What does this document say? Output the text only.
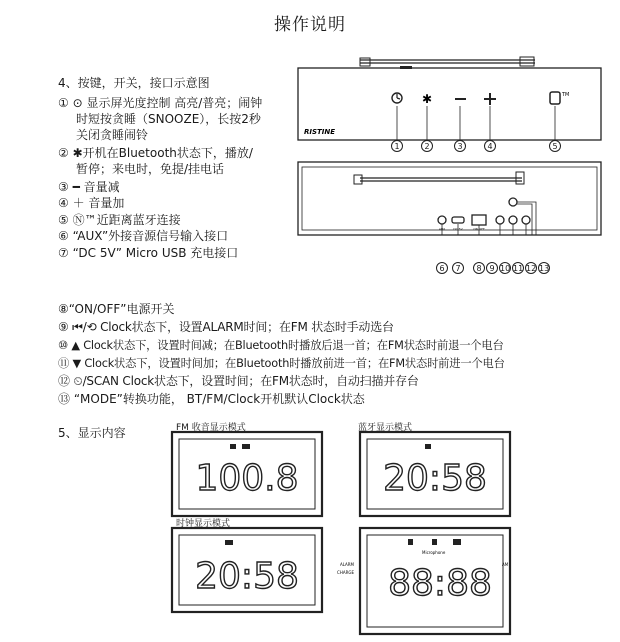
操作说明
4、按键，开关，接口示意图
① ⊙ 显示屏光度控制 高亮/普亮；闹钟
时短按贪睡（SNOOZE），长按2秒
关闭贪睡闹铃
② ✱开机在Bluetooth状态下，播放/
暂停；来电时，免提/挂电话
③ ━ 音量减
④ ＋ 音量加
⑤ Ⓝ™近距离蓝牙连接
⑥ “AUX”外接音源信号输入接口
⑦ “DC 5V” Micro USB 充电接口
⑧“ON/OFF”电源开关
⑨ ⏮/⟲ Clock状态下，设置ALARM时间；在FM 状态时手动选台
⑩ ▲ Clock状态下，设置时间减；在Bluetooth时播放后退一首；在FM状态时前退一个电台
⑪ ▼ Clock状态下，设置时间加；在Bluetooth时播放前进一首；在FM状态时前进一个电台
⑫ ⏲/SCAN Clock状态下，设置时间；在FM状态时，自动扫描并存台
⑬ “MODE”转换功能， BT/FM/Clock开机默认Clock状态
RISTINE
✱	TM
AUX	DC 5V	ON OFF
1	2	3	4	5
6	7	8 9 10 11 12 13
5、显示内容	FM 收音显示模式	蓝牙显示模式
时钟显示模式
100.8 20:58
20:58 88:88
Microphone
ALARM
CHARGE
AM
